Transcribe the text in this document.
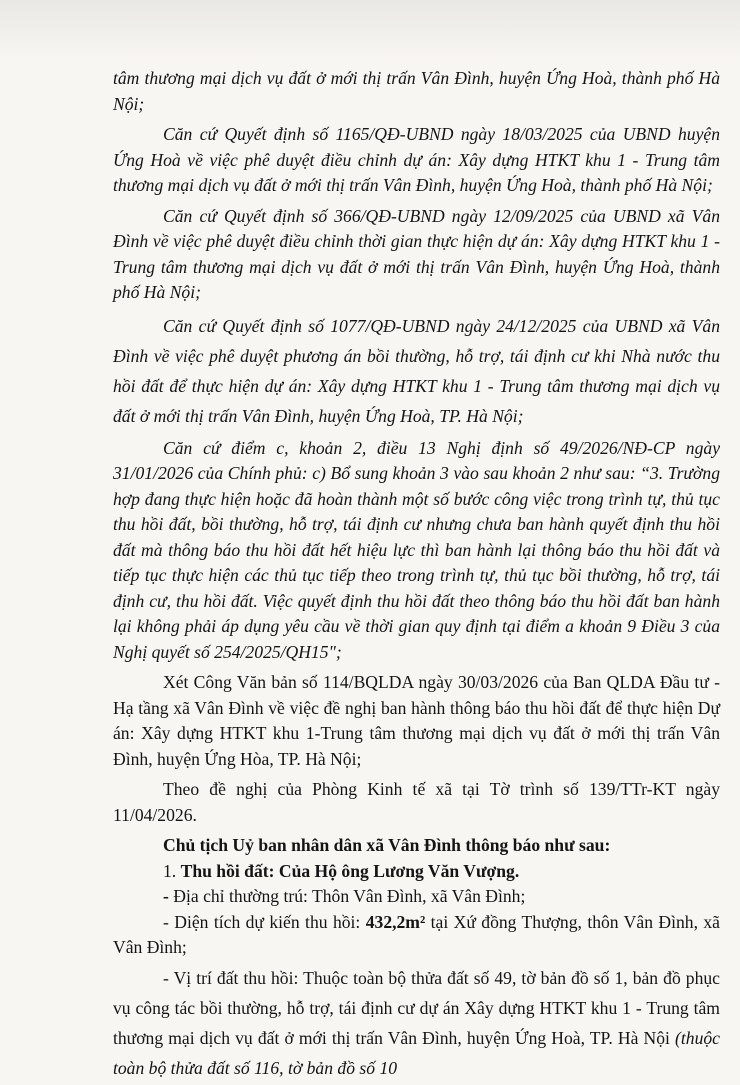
tâm thương mại dịch vụ đất ở mới thị trấn Vân Đình, huyện Ứng Hoà, thành phố Hà Nội;

Căn cứ Quyết định số 1165/QĐ-UBND ngày 18/03/2025 của UBND huyện Ứng Hoà về việc phê duyệt điều chỉnh dự án: Xây dựng HTKT khu 1 - Trung tâm thương mại dịch vụ đất ở mới thị trấn Vân Đình, huyện Ứng Hoà, thành phố Hà Nội;

Căn cứ Quyết định số 366/QĐ-UBND ngày 12/09/2025 của UBND xã Vân Đình về việc phê duyệt điều chỉnh thời gian thực hiện dự án: Xây dựng HTKT khu 1 - Trung tâm thương mại dịch vụ đất ở mới thị trấn Vân Đình, huyện Ứng Hoà, thành phố Hà Nội;

Căn cứ Quyết định số 1077/QĐ-UBND ngày 24/12/2025 của UBND xã Vân Đình về việc phê duyệt phương án bồi thường, hỗ trợ, tái định cư khi Nhà nước thu hồi đất để thực hiện dự án: Xây dựng HTKT khu 1 - Trung tâm thương mại dịch vụ đất ở mới thị trấn Vân Đình, huyện Ứng Hoà, TP. Hà Nội;

Căn cứ điểm c, khoản 2, điều 13 Nghị định số 49/2026/NĐ-CP ngày 31/01/2026 của Chính phủ: c) Bổ sung khoản 3 vào sau khoản 2 như sau: “3. Trường hợp đang thực hiện hoặc đã hoàn thành một số bước công việc trong trình tự, thủ tục thu hồi đất, bồi thường, hỗ trợ, tái định cư nhưng chưa ban hành quyết định thu hồi đất mà thông báo thu hồi đất hết hiệu lực thì ban hành lại thông báo thu hồi đất và tiếp tục thực hiện các thủ tục tiếp theo trong trình tự, thủ tục bồi thường, hỗ trợ, tái định cư, thu hồi đất. Việc quyết định thu hồi đất theo thông báo thu hồi đất ban hành lại không phải áp dụng yêu cầu về thời gian quy định tại điểm a khoản 9 Điều 3 của Nghị quyết số 254/2025/QH15";

Xét Công Văn bản số 114/BQLDA ngày 30/03/2026 của Ban QLDA Đầu tư - Hạ tầng xã Vân Đình về việc đề nghị ban hành thông báo thu hồi đất để thực hiện Dự án: Xây dựng HTKT khu 1-Trung tâm thương mại dịch vụ đất ở mới thị trấn Vân Đình, huyện Ứng Hòa, TP. Hà Nội;

Theo đề nghị của Phòng Kinh tế xã tại Tờ trình số 139/TTr-KT ngày 11/04/2026.

Chủ tịch Uỷ ban nhân dân xã Vân Đình thông báo như sau:

1. Thu hồi đất: Của Hộ ông Lương Văn Vượng.

- Địa chỉ thường trú: Thôn Vân Đình, xã Vân Đình;

- Diện tích dự kiến thu hồi: 432,2m² tại Xứ đồng Thượng, thôn Vân Đình, xã Vân Đình;

- Vị trí đất thu hồi: Thuộc toàn bộ thửa đất số 49, tờ bản đồ số 1, bản đồ phục vụ công tác bồi thường, hỗ trợ, tái định cư dự án Xây dựng HTKT khu 1 - Trung tâm thương mại dịch vụ đất ở mới thị trấn Vân Đình, huyện Ứng Hoà, TP. Hà Nội (thuộc toàn bộ thửa đất số 116, tờ bản đồ số 10
